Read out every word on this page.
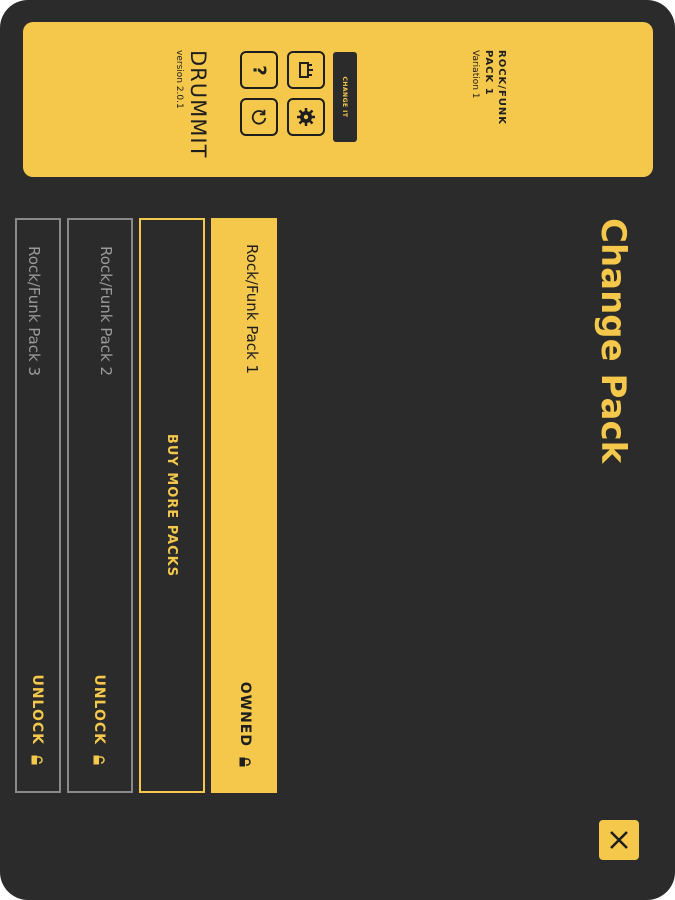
Change Pack
Rock/Funk Pack 1
OWNED
BUY MORE PACKS
Rock/Funk Pack 2
UNLOCK
Rock/Funk Pack 3
UNLOCK
ROCK/FUNK PACK 1
Variation 1
CHANGE IT
?
DRUMMIT
version 2.0.1
